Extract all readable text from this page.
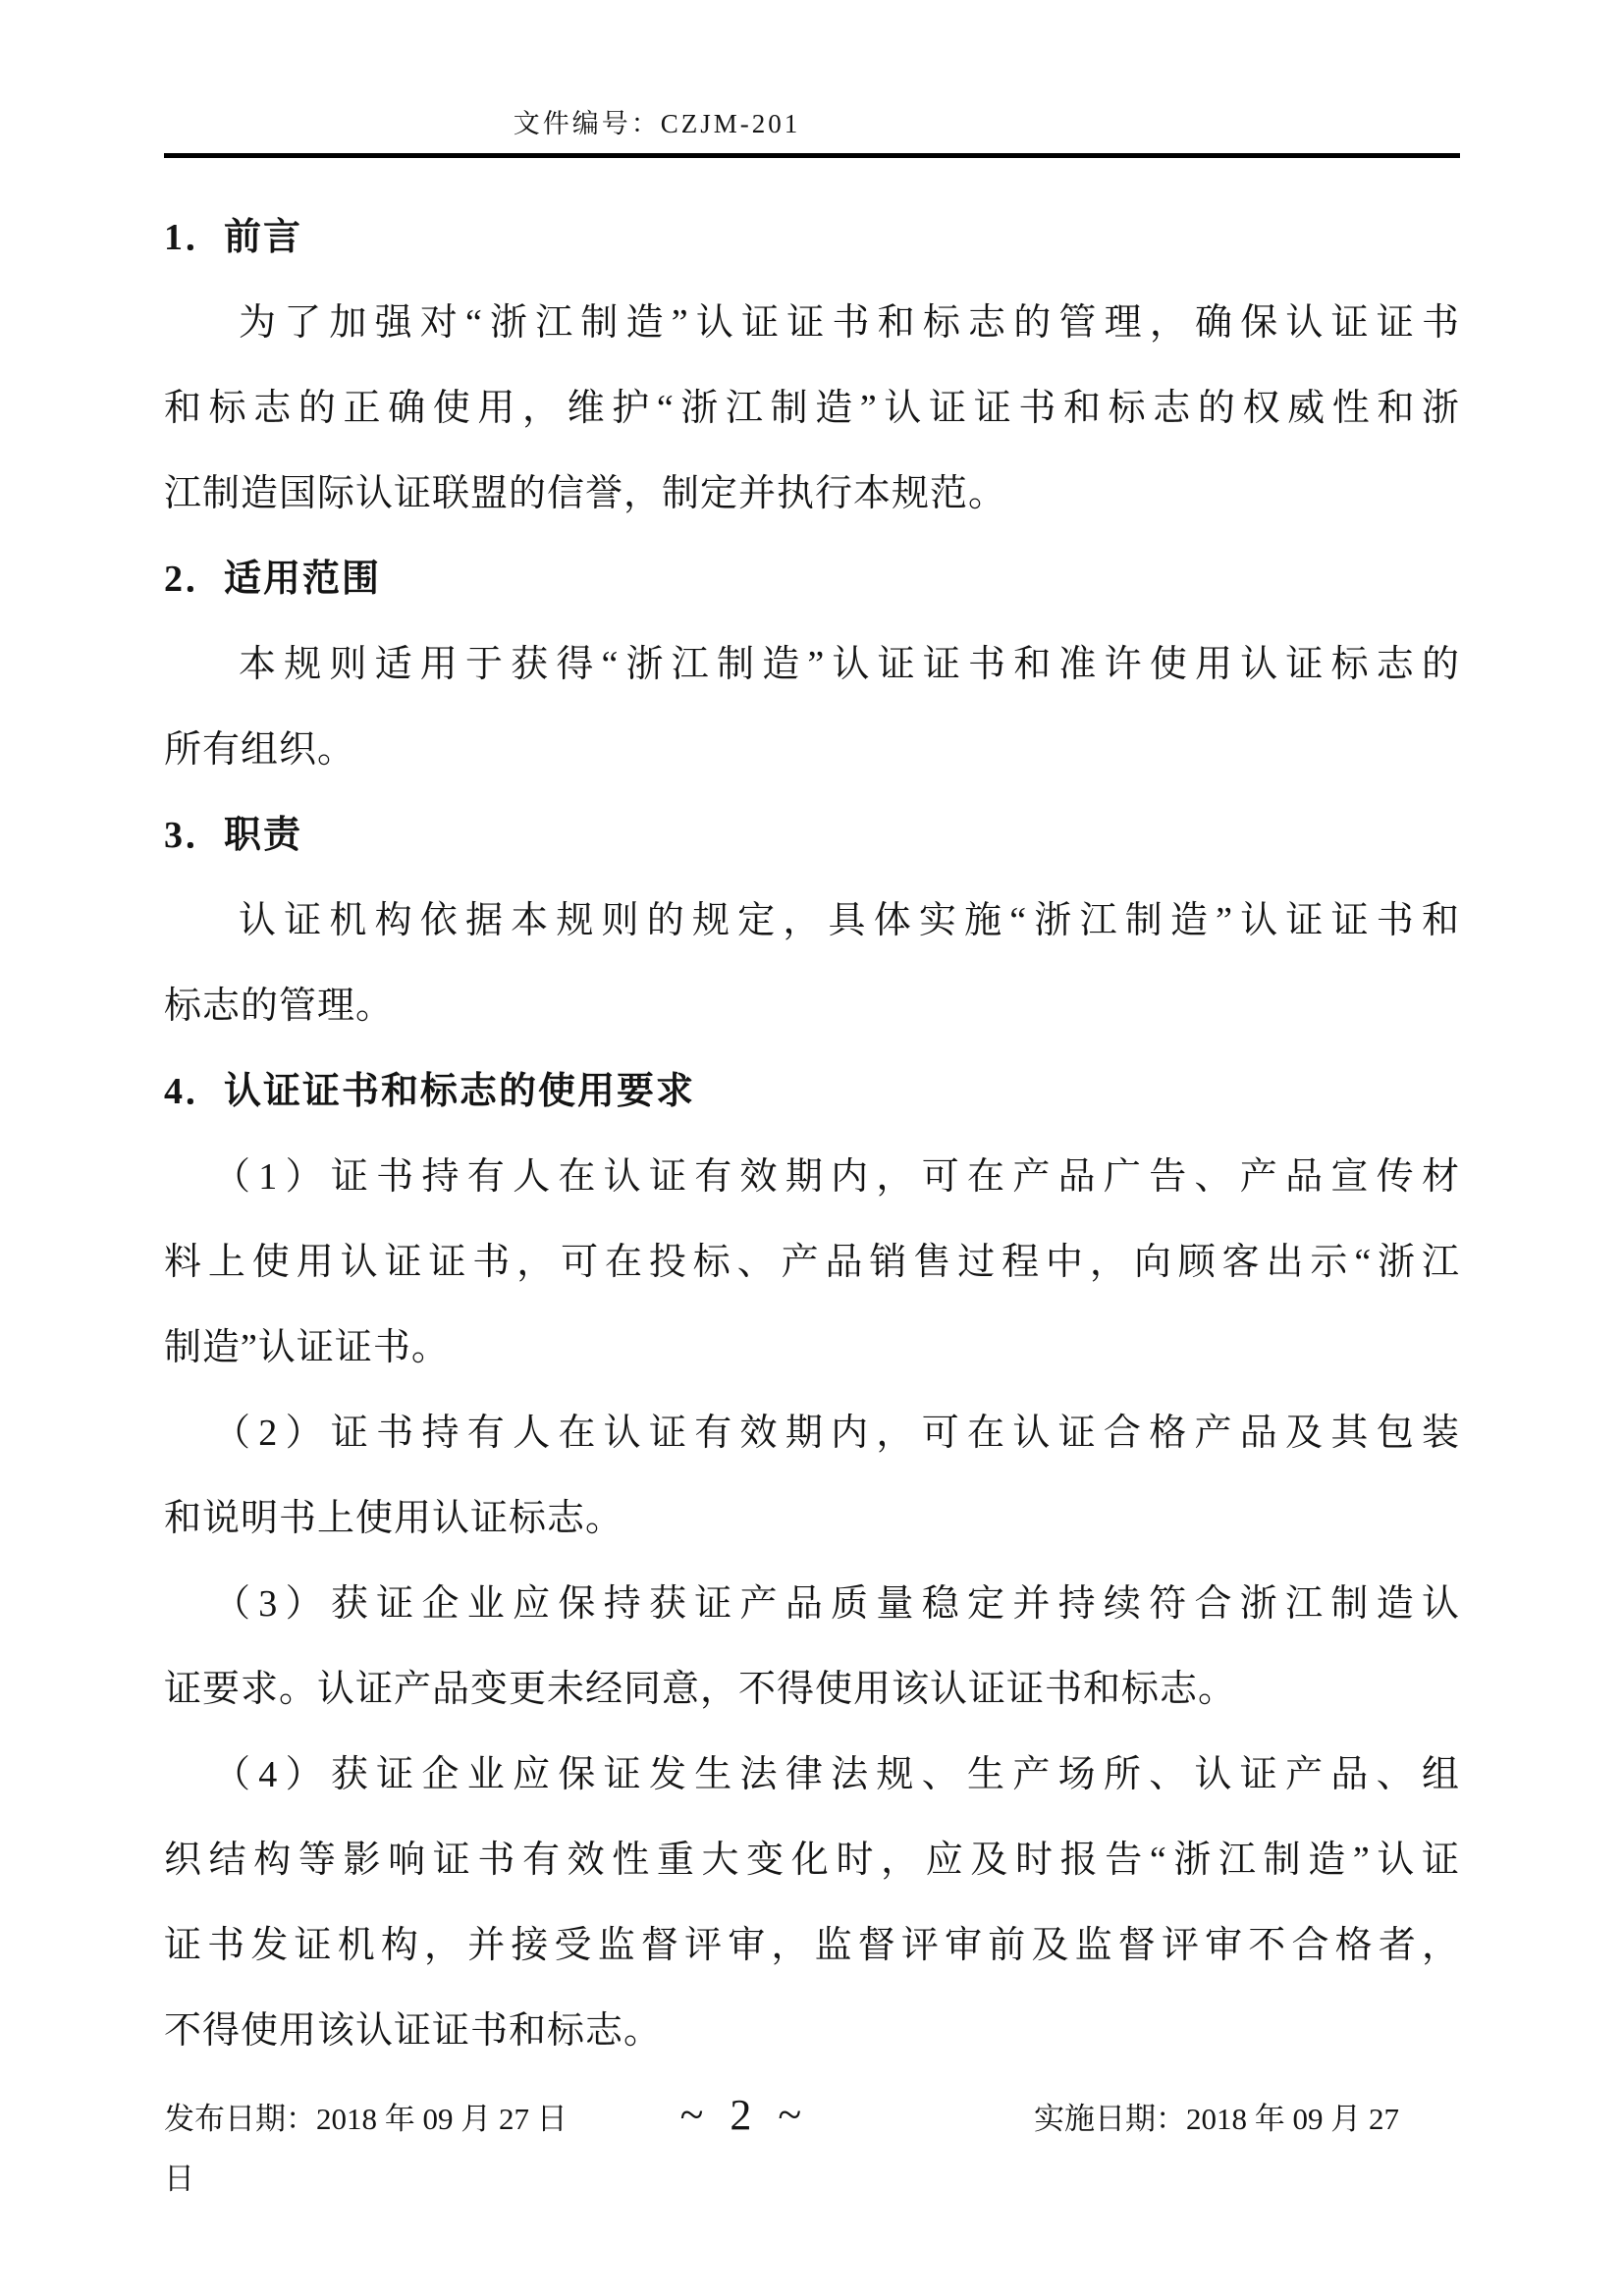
文件编号：CZJM-201
1．前言
为了加强对“浙江制造”认证证书和标志的管理，确保认证证书
和标志的正确使用，维护“浙江制造”认证证书和标志的权威性和浙
江制造国际认证联盟的信誉，制定并执行本规范。
2．适用范围
本规则适用于获得“浙江制造”认证证书和准许使用认证标志的
所有组织。
3．职责
认证机构依据本规则的规定，具体实施“浙江制造”认证证书和
标志的管理。
4．认证证书和标志的使用要求
（1）证书持有人在认证有效期内，可在产品广告、产品宣传材
料上使用认证证书，可在投标、产品销售过程中，向顾客出示“浙江
制造”认证证书。
（2）证书持有人在认证有效期内，可在认证合格产品及其包装
和说明书上使用认证标志。
（3）获证企业应保持获证产品质量稳定并持续符合浙江制造认
证要求。认证产品变更未经同意，不得使用该认证证书和标志。
（4）获证企业应保证发生法律法规、生产场所、认证产品、组
织结构等影响证书有效性重大变化时，应及时报告“浙江制造”认证
证书发证机构，并接受监督评审，监督评审前及监督评审不合格者，
不得使用该认证证书和标志。
发布日期：2018 年 09 月 27 日	~ 2 ~	实施日期：2018 年 09 月 27
日
